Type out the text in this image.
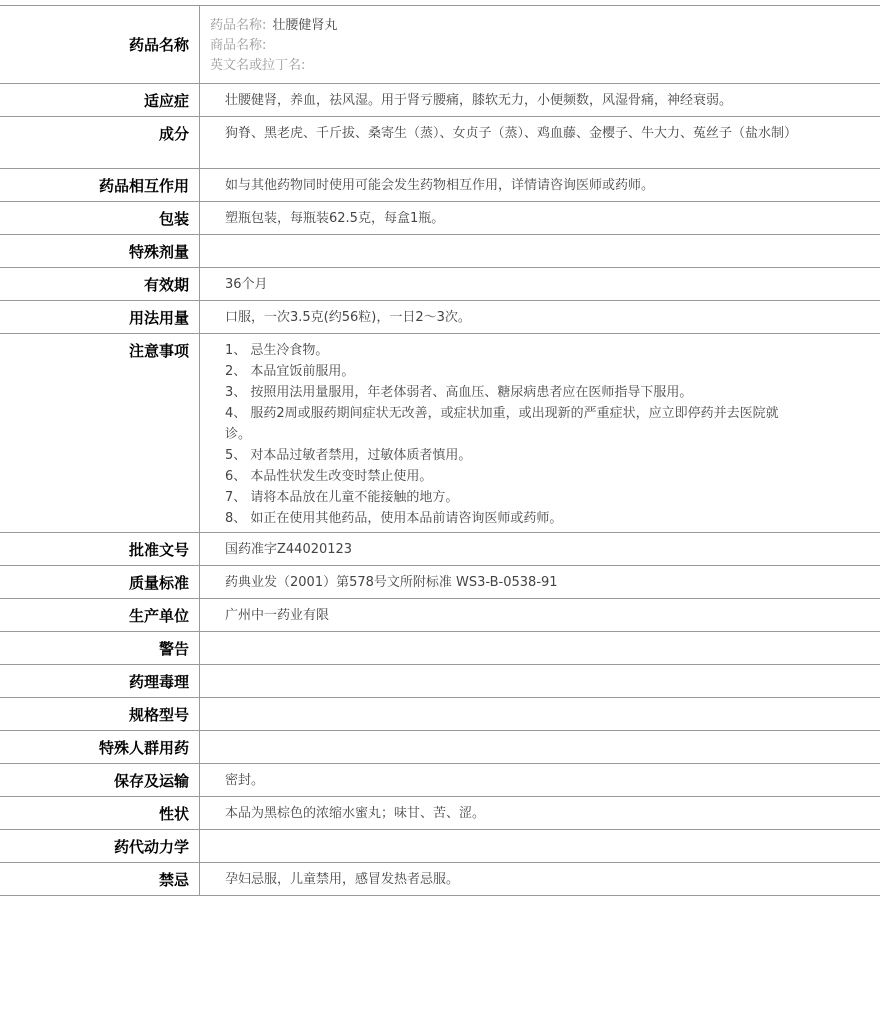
药品名称
药品名称: 壮腰健肾丸
商品名称:
英文名或拉丁名:
适应症	壮腰健肾，养血，祛风湿。用于肾亏腰痛，膝软无力，小便频数，风湿骨痛，神经衰弱。
成分	狗脊、黑老虎、千斤拔、桑寄生（蒸）、女贞子（蒸）、鸡血藤、金樱子、牛大力、菟丝子（盐水制）
药品相互作用	如与其他药物同时使用可能会发生药物相互作用，详情请咨询医师或药师。
包装	塑瓶包装，每瓶装62.5克，每盒1瓶。
特殊剂量
有效期	36个月
用法用量	口服，一次3.5克(约56粒)，一日2～3次。
注意事项	1、 忌生冷食物。
2、 本品宜饭前服用。
3、 按照用法用量服用，年老体弱者、高血压、糖尿病患者应在医师指导下服用。
4、 服药2周或服药期间症状无改善，或症状加重，或出现新的严重症状，应立即停药并去医院就诊。
5、 对本品过敏者禁用，过敏体质者慎用。
6、 本品性状发生改变时禁止使用。
7、 请将本品放在儿童不能接触的地方。
8、 如正在使用其他药品，使用本品前请咨询医师或药师。
批准文号	国药准字Z44020123
质量标准	药典业发（2001）第578号文所附标准 WS3-B-0538-91
生产单位	广州中一药业有限
警告
药理毒理
规格型号
特殊人群用药
保存及运输	密封。
性状	本品为黑棕色的浓缩水蜜丸；味甘、苦、涩。
药代动力学
禁忌	孕妇忌服，儿童禁用，感冒发热者忌服。
